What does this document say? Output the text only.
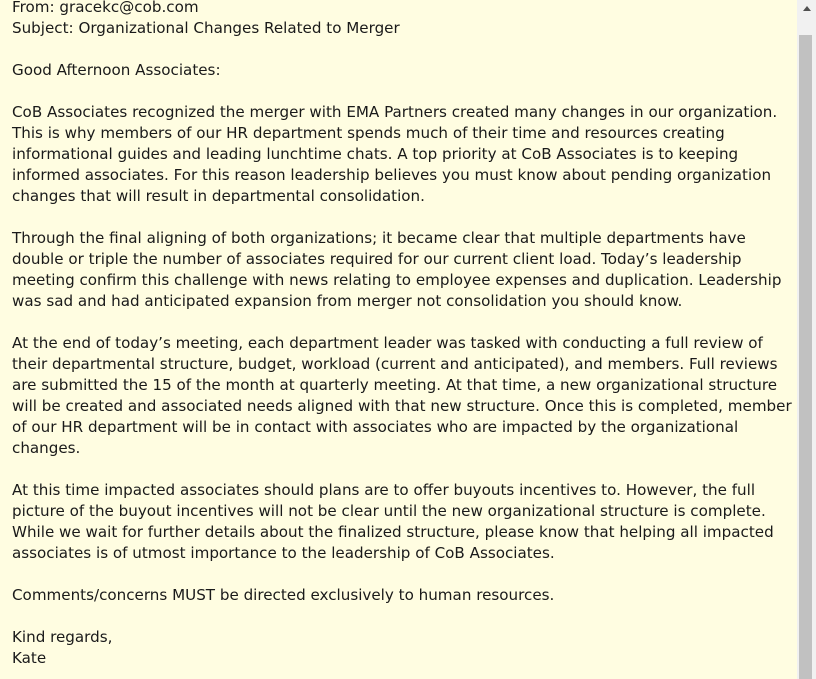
From: gracekc@cob.com
Subject: Organizational Changes Related to Merger
Good Afternoon Associates:
CoB Associates recognized the merger with EMA Partners created many changes in our organization.
This is why members of our HR department spends much of their time and resources creating
informational guides and leading lunchtime chats. A top priority at CoB Associates is to keeping
informed associates. For this reason leadership believes you must know about pending organization
changes that will result in departmental consolidation.
Through the final aligning of both organizations; it became clear that multiple departments have
double or triple the number of associates required for our current client load. Today’s leadership
meeting confirm this challenge with news relating to employee expenses and duplication. Leadership
was sad and had anticipated expansion from merger not consolidation you should know.
At the end of today’s meeting, each department leader was tasked with conducting a full review of
their departmental structure, budget, workload (current and anticipated), and members. Full reviews
are submitted the 15 of the month at quarterly meeting. At that time, a new organizational structure
will be created and associated needs aligned with that new structure. Once this is completed, member
of our HR department will be in contact with associates who are impacted by the organizational
changes.
At this time impacted associates should plans are to offer buyouts incentives to. However, the full
picture of the buyout incentives will not be clear until the new organizational structure is complete.
While we wait for further details about the finalized structure, please know that helping all impacted
associates is of utmost importance to the leadership of CoB Associates.
Comments/concerns MUST be directed exclusively to human resources.
Kind regards,
Kate
